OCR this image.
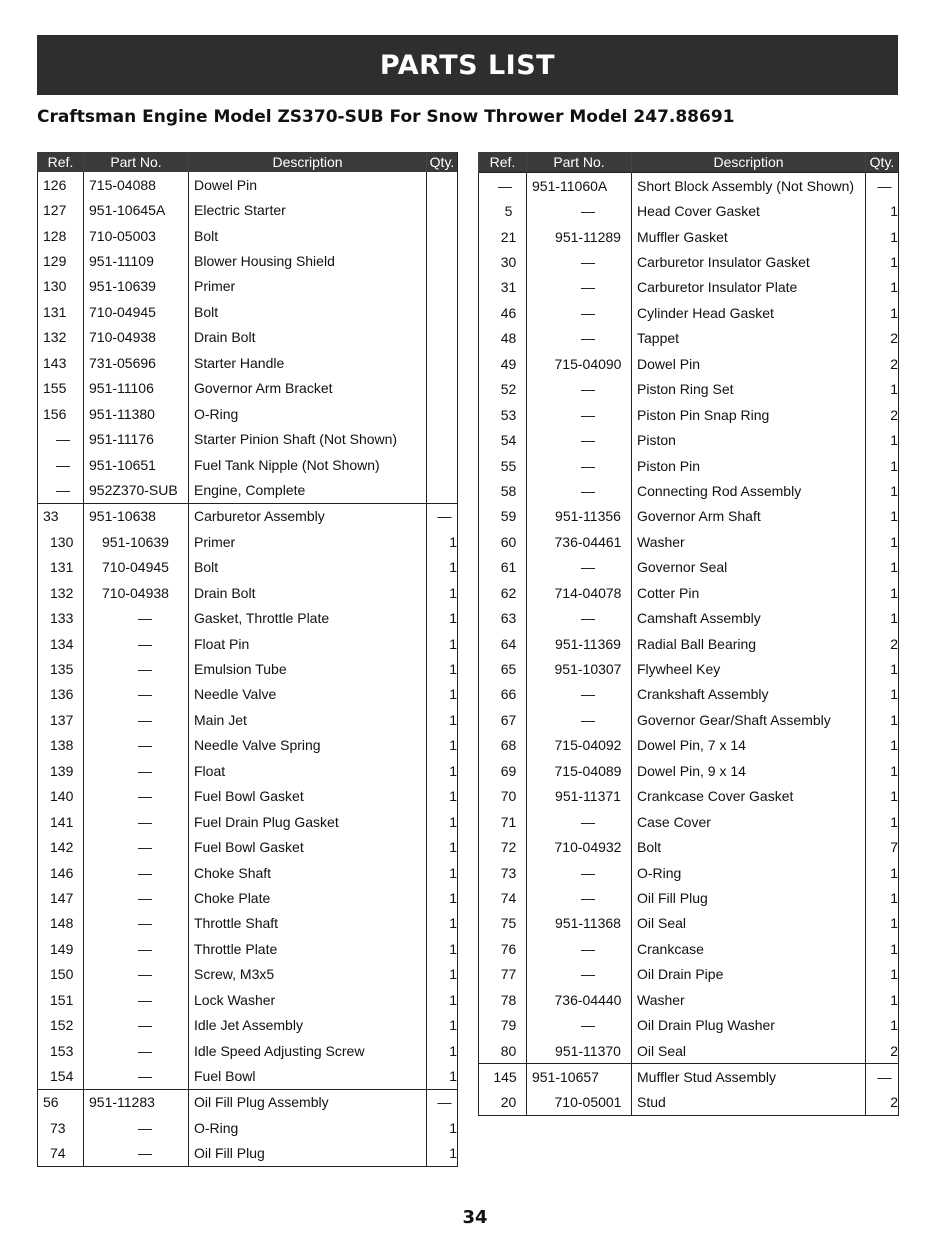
PARTS LIST
Craftsman Engine Model ZS370-SUB For Snow Thrower Model 247.88691
Ref.	Part No.	Description	Qty.
126	715-04088	Dowel Pin	
127	951-10645A	Electric Starter	
128	710-05003	Bolt	
129	951-11109	Blower Housing Shield	
130	951-10639	Primer	
131	710-04945	Bolt	
132	710-04938	Drain Bolt	
143	731-05696	Starter Handle	
155	951-11106	Governor Arm Bracket	
156	951-11380	O-Ring	
—	951-11176	Starter Pinion Shaft (Not Shown)	
—	951-10651	Fuel Tank Nipple (Not Shown)	
—	952Z370-SUB	Engine, Complete	
33	951-10638	Carburetor Assembly	—
130	951-10639	Primer	1
131	710-04945	Bolt	1
132	710-04938	Drain Bolt	1
133	—	Gasket, Throttle Plate	1
134	—	Float Pin	1
135	—	Emulsion Tube	1
136	—	Needle Valve	1
137	—	Main Jet	1
138	—	Needle Valve Spring	1
139	—	Float	1
140	—	Fuel Bowl Gasket	1
141	—	Fuel Drain Plug Gasket	1
142	—	Fuel Bowl Gasket	1
146	—	Choke Shaft	1
147	—	Choke Plate	1
148	—	Throttle Shaft	1
149	—	Throttle Plate	1
150	—	Screw, M3x5	1
151	—	Lock Washer	1
152	—	Idle Jet Assembly	1
153	—	Idle Speed Adjusting Screw	1
154	—	Fuel Bowl	1
56	951-11283	Oil Fill Plug Assembly	—
73	—	O-Ring	1
74	—	Oil Fill Plug	1
Ref.	Part No.	Description	Qty.
—	951-11060A	Short Block Assembly (Not Shown)	—
5	—	Head Cover Gasket	1
21	951-11289	Muffler Gasket	1
30	—	Carburetor Insulator Gasket	1
31	—	Carburetor Insulator Plate	1
46	—	Cylinder Head Gasket	1
48	—	Tappet	2
49	715-04090	Dowel Pin	2
52	—	Piston Ring Set	1
53	—	Piston Pin Snap Ring	2
54	—	Piston	1
55	—	Piston Pin	1
58	—	Connecting Rod Assembly	1
59	951-11356	Governor Arm Shaft	1
60	736-04461	Washer	1
61	—	Governor Seal	1
62	714-04078	Cotter Pin	1
63	—	Camshaft Assembly	1
64	951-11369	Radial Ball Bearing	2
65	951-10307	Flywheel Key	1
66	—	Crankshaft Assembly	1
67	—	Governor Gear/Shaft Assembly	1
68	715-04092	Dowel Pin, 7 x 14	1
69	715-04089	Dowel Pin, 9 x 14	1
70	951-11371	Crankcase Cover Gasket	1
71	—	Case Cover	1
72	710-04932	Bolt	7
73	—	O-Ring	1
74	—	Oil Fill Plug	1
75	951-11368	Oil Seal	1
76	—	Crankcase	1
77	—	Oil Drain Pipe	1
78	736-04440	Washer	1
79	—	Oil Drain Plug Washer	1
80	951-11370	Oil Seal	2
145	951-10657	Muffler Stud Assembly	—
20	710-05001	Stud	2
34
